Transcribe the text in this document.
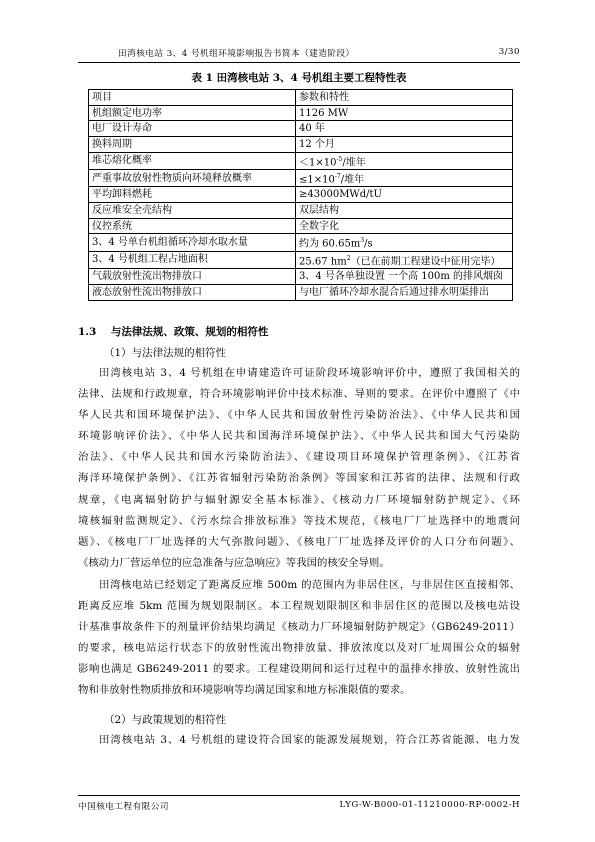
田湾核电站 3、4 号机组环境影响报告书简本（建造阶段）	3/30
表 1 田湾核电站 3、4 号机组主要工程特性表
项目	参数和特性
机组额定电功率	1126 MW
电厂设计寿命	40 年
换料周期	12 个月
堆芯熔化概率	$<1\times 10^{-5}/$堆年
严重事故放射性物质向环境释放概率	$\le 1\times 10^{-7}/$堆年
平均卸料燃耗	≥43000MWd/tU
反应堆安全壳结构	双层结构
仪控系统	全数字化
3、4 号单台机组循环冷却水取水量	约为 $60.65m^3/s$
3、4 号机组工程占地面积	25.67 $hm^2$（已在前期工程建设中征用完毕）
气载放射性流出物排放口	3、4 号各单独设置 一个高 100m 的排风烟囱
液态放射性流出物排放口	与电厂循环冷却水混合后通过排水明渠排出
1.3 与法律法规、政策、规划的相符性
（1）与法律法规的相符性
田湾核电站 3、4 号机组在申请建造许可证阶段环境影响评价中，遵照了我国相关的
法律、法规和行政规章，符合环境影响评价中技术标准、导则的要求。在评价中遵照了《中
华人民共和国环境保护法》、《中华人民共和国放射性污染防治法》、《中华人民共和国
环境影响评价法》、《中华人民共和国海洋环境保护法》、《中华人民共和国大气污染防
治法》、《中华人民共和国水污染防治法》、《建设项目环境保护管理条例》、《江苏省
海洋环境保护条例》、《江苏省辐射污染防治条例》等国家和江苏省的法律、法规和行政
规章，《电离辐射防护与辐射源安全基本标准》、《核动力厂环境辐射防护规定》、《环
境核辐射监测规定》、《污水综合排放标准》等技术规范，《核电厂厂址选择中的地震问
题》、《核电厂厂址选择的大气弥散问题》、《核电厂厂址选择及评价的人口分布问题》、
《核动力厂营运单位的应急准备与应急响应》等我国的核安全导则。
田湾核电站已经划定了距离反应堆 500m 的范围内为非居住区，与非居住区直接相邻、
距离反应堆 5km 范围为规划限制区。本工程规划限制区和非居住区的范围以及核电站设
计基准事故条件下的剂量评价结果均满足《核动力厂环境辐射防护规定》（GB6249-2011）
的要求，核电站运行状态下的放射性流出物排放量、排放浓度以及对厂址周围公众的辐射
影响也满足 GB6249-2011 的要求。工程建设期间和运行过程中的温排水排放、放射性流出
物和非放射性物质排放和环境影响等均满足国家和地方标准限值的要求。
（2）与政策规划的相符性
田湾核电站 3、4 号机组的建设符合国家的能源发展规划，符合江苏省能源、电力发
中国核电工程有限公司	LYG-W-B000-01-11210000-RP-0002-H
